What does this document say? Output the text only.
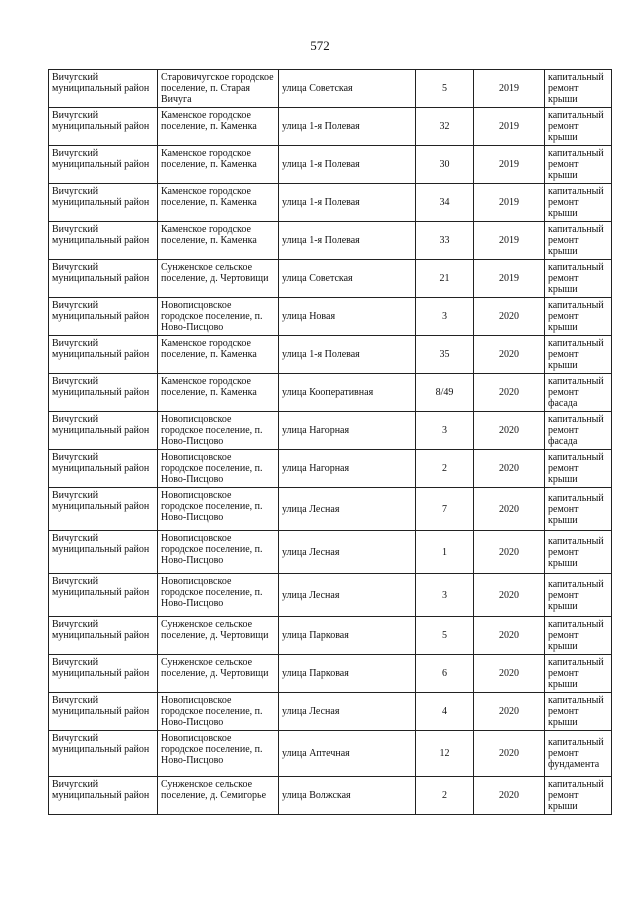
572
Вичугский муниципальный район	Старовичугское городское поселение, п. Старая Вичуга	улица Советская	5	2019	капитальный ремонт крыши
Вичугский муниципальный район	Каменское городское поселение, п. Каменка	улица 1-я Полевая	32	2019	капитальный ремонт крыши
Вичугский муниципальный район	Каменское городское поселение, п. Каменка	улица 1-я Полевая	30	2019	капитальный ремонт крыши
Вичугский муниципальный район	Каменское городское поселение, п. Каменка	улица 1-я Полевая	34	2019	капитальный ремонт крыши
Вичугский муниципальный район	Каменское городское поселение, п. Каменка	улица 1-я Полевая	33	2019	капитальный ремонт крыши
Вичугский муниципальный район	Сунженское сельское поселение, д. Чертовищи	улица Советская	21	2019	капитальный ремонт крыши
Вичугский муниципальный район	Новописцовское городское поселение, п. Ново-Писцово	улица Новая	3	2020	капитальный ремонт крыши
Вичугский муниципальный район	Каменское городское поселение, п. Каменка	улица 1-я Полевая	35	2020	капитальный ремонт крыши
Вичугский муниципальный район	Каменское городское поселение, п. Каменка	улица Кооперативная	8/49	2020	капитальный ремонт фасада
Вичугский муниципальный район	Новописцовское городское поселение, п. Ново-Писцово	улица Нагорная	3	2020	капитальный ремонт фасада
Вичугский муниципальный район	Новописцовское городское поселение, п. Ново-Писцово	улица Нагорная	2	2020	капитальный ремонт крыши
Вичугский муниципальный район	Новописцовское городское поселение, п. Ново-Писцово	улица Лесная	7	2020	капитальный ремонт крыши
Вичугский муниципальный район	Новописцовское городское поселение, п. Ново-Писцово	улица Лесная	1	2020	капитальный ремонт крыши
Вичугский муниципальный район	Новописцовское городское поселение, п. Ново-Писцово	улица Лесная	3	2020	капитальный ремонт крыши
Вичугский муниципальный район	Сунженское сельское поселение, д. Чертовищи	улица Парковая	5	2020	капитальный ремонт крыши
Вичугский муниципальный район	Сунженское сельское поселение, д. Чертовищи	улица Парковая	6	2020	капитальный ремонт крыши
Вичугский муниципальный район	Новописцовское городское поселение, п. Ново-Писцово	улица Лесная	4	2020	капитальный ремонт крыши
Вичугский муниципальный район	Новописцовское городское поселение, п. Ново-Писцово	улица Аптечная	12	2020	капитальный ремонт фундамента
Вичугский муниципальный район	Сунженское сельское поселение, д. Семигорье	улица Волжская	2	2020	капитальный ремонт крыши
